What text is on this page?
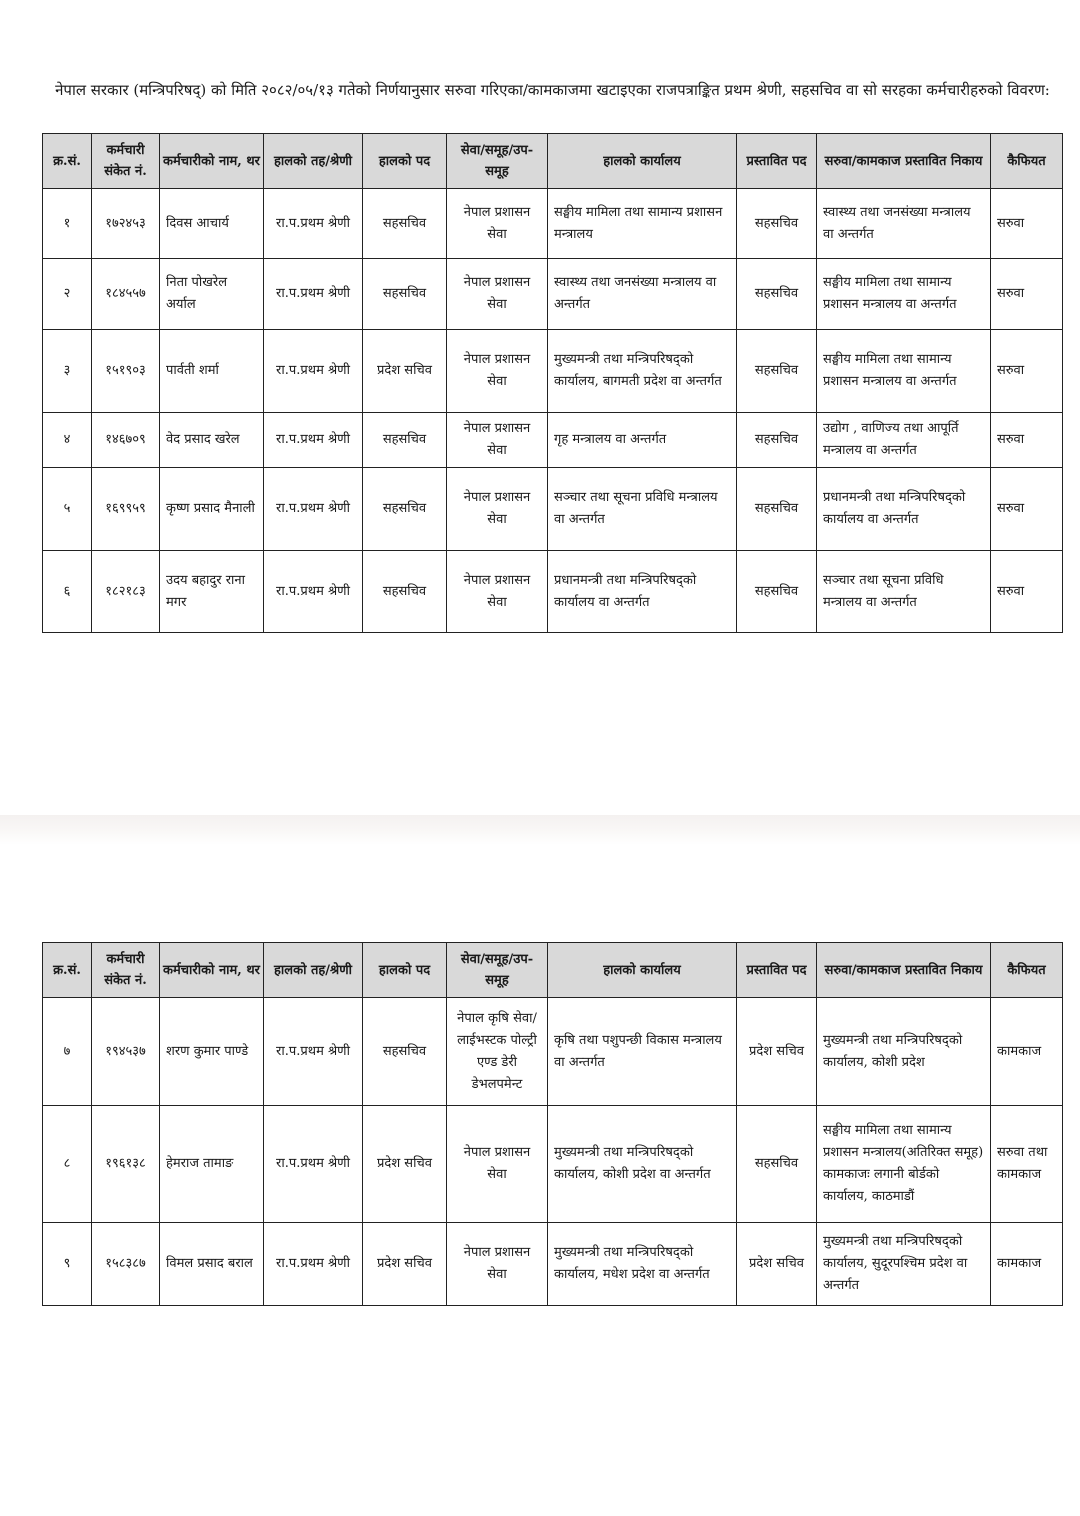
नेपाल सरकार (मन्त्रिपरिषद्) को मिति २०८२/०५/१३ गतेको निर्णयानुसार सरुवा गरिएका/कामकाजमा खटाइएका राजपत्राङ्कित प्रथम श्रेणी, सहसचिव वा सो सरहका कर्मचारीहरुको विवरण:
क्र.सं.	कर्मचारी संकेत नं.	कर्मचारीको नाम, थर	हालको तह/श्रेणी	हालको पद	सेवा/समूह/उप-समूह	हालको कार्यालय	प्रस्तावित पद	सरुवा/कामकाज प्रस्तावित निकाय	कैफियत
१	१७२४५३	दिवस आचार्य	रा.प.प्रथम श्रेणी	सहसचिव	नेपाल प्रशासन सेवा	सङ्घीय मामिला तथा सामान्य प्रशासन मन्त्रालय	सहसचिव	स्वास्थ्य तथा जनसंख्या मन्त्रालय वा अन्तर्गत	सरुवा
२	१८४५५७	निता पोखरेल अर्याल	रा.प.प्रथम श्रेणी	सहसचिव	नेपाल प्रशासन सेवा	स्वास्थ्य तथा जनसंख्या मन्त्रालय वा अन्तर्गत	सहसचिव	सङ्घीय मामिला तथा सामान्य प्रशासन मन्त्रालय वा अन्तर्गत	सरुवा
३	१५१९०३	पार्वती शर्मा	रा.प.प्रथम श्रेणी	प्रदेश सचिव	नेपाल प्रशासन सेवा	मुख्यमन्त्री तथा मन्त्रिपरिषद्को कार्यालय, बागमती प्रदेश वा अन्तर्गत	सहसचिव	सङ्घीय मामिला तथा सामान्य प्रशासन मन्त्रालय वा अन्तर्गत	सरुवा
४	१४६७०९	वेद प्रसाद खरेल	रा.प.प्रथम श्रेणी	सहसचिव	नेपाल प्रशासन सेवा	गृह मन्त्रालय वा अन्तर्गत	सहसचिव	उद्योग , वाणिज्य तथा आपूर्ति मन्त्रालय वा अन्तर्गत	सरुवा
५	१६९९५९	कृष्ण प्रसाद मैनाली	रा.प.प्रथम श्रेणी	सहसचिव	नेपाल प्रशासन सेवा	सञ्चार तथा सूचना प्रविधि मन्त्रालय वा अन्तर्गत	सहसचिव	प्रधानमन्त्री तथा मन्त्रिपरिषद्को कार्यालय वा अन्तर्गत	सरुवा
६	१८२१८३	उदय बहादुर राना मगर	रा.प.प्रथम श्रेणी	सहसचिव	नेपाल प्रशासन सेवा	प्रधानमन्त्री तथा मन्त्रिपरिषद्को कार्यालय वा अन्तर्गत	सहसचिव	सञ्चार तथा सूचना प्रविधि मन्त्रालय वा अन्तर्गत	सरुवा
क्र.सं.	कर्मचारी संकेत नं.	कर्मचारीको नाम, थर	हालको तह/श्रेणी	हालको पद	सेवा/समूह/उप-समूह	हालको कार्यालय	प्रस्तावित पद	सरुवा/कामकाज प्रस्तावित निकाय	कैफियत
७	१९४५३७	शरण कुमार पाण्डे	रा.प.प्रथम श्रेणी	सहसचिव	नेपाल कृषि सेवा/लाईभस्टक पोल्ट्री एण्ड डेरी डेभलपमेन्ट	कृषि तथा पशुपन्छी विकास मन्त्रालय वा अन्तर्गत	प्रदेश सचिव	मुख्यमन्त्री तथा मन्त्रिपरिषद्को कार्यालय, कोशी प्रदेश	कामकाज
८	१९६१३८	हेमराज तामाङ	रा.प.प्रथम श्रेणी	प्रदेश सचिव	नेपाल प्रशासन सेवा	मुख्यमन्त्री तथा मन्त्रिपरिषद्को कार्यालय, कोशी प्रदेश वा अन्तर्गत	सहसचिव	सङ्घीय मामिला तथा सामान्य प्रशासन मन्त्रालय(अतिरिक्त समूह) कामकाजः लगानी बोर्डको कार्यालय, काठमाडौं	सरुवा तथा कामकाज
९	१५८३८७	विमल प्रसाद बराल	रा.प.प्रथम श्रेणी	प्रदेश सचिव	नेपाल प्रशासन सेवा	मुख्यमन्त्री तथा मन्त्रिपरिषद्को कार्यालय, मधेश प्रदेश वा अन्तर्गत	प्रदेश सचिव	मुख्यमन्त्री तथा मन्त्रिपरिषद्को कार्यालय, सुदूरपश्चिम प्रदेश वा अन्तर्गत	कामकाज
